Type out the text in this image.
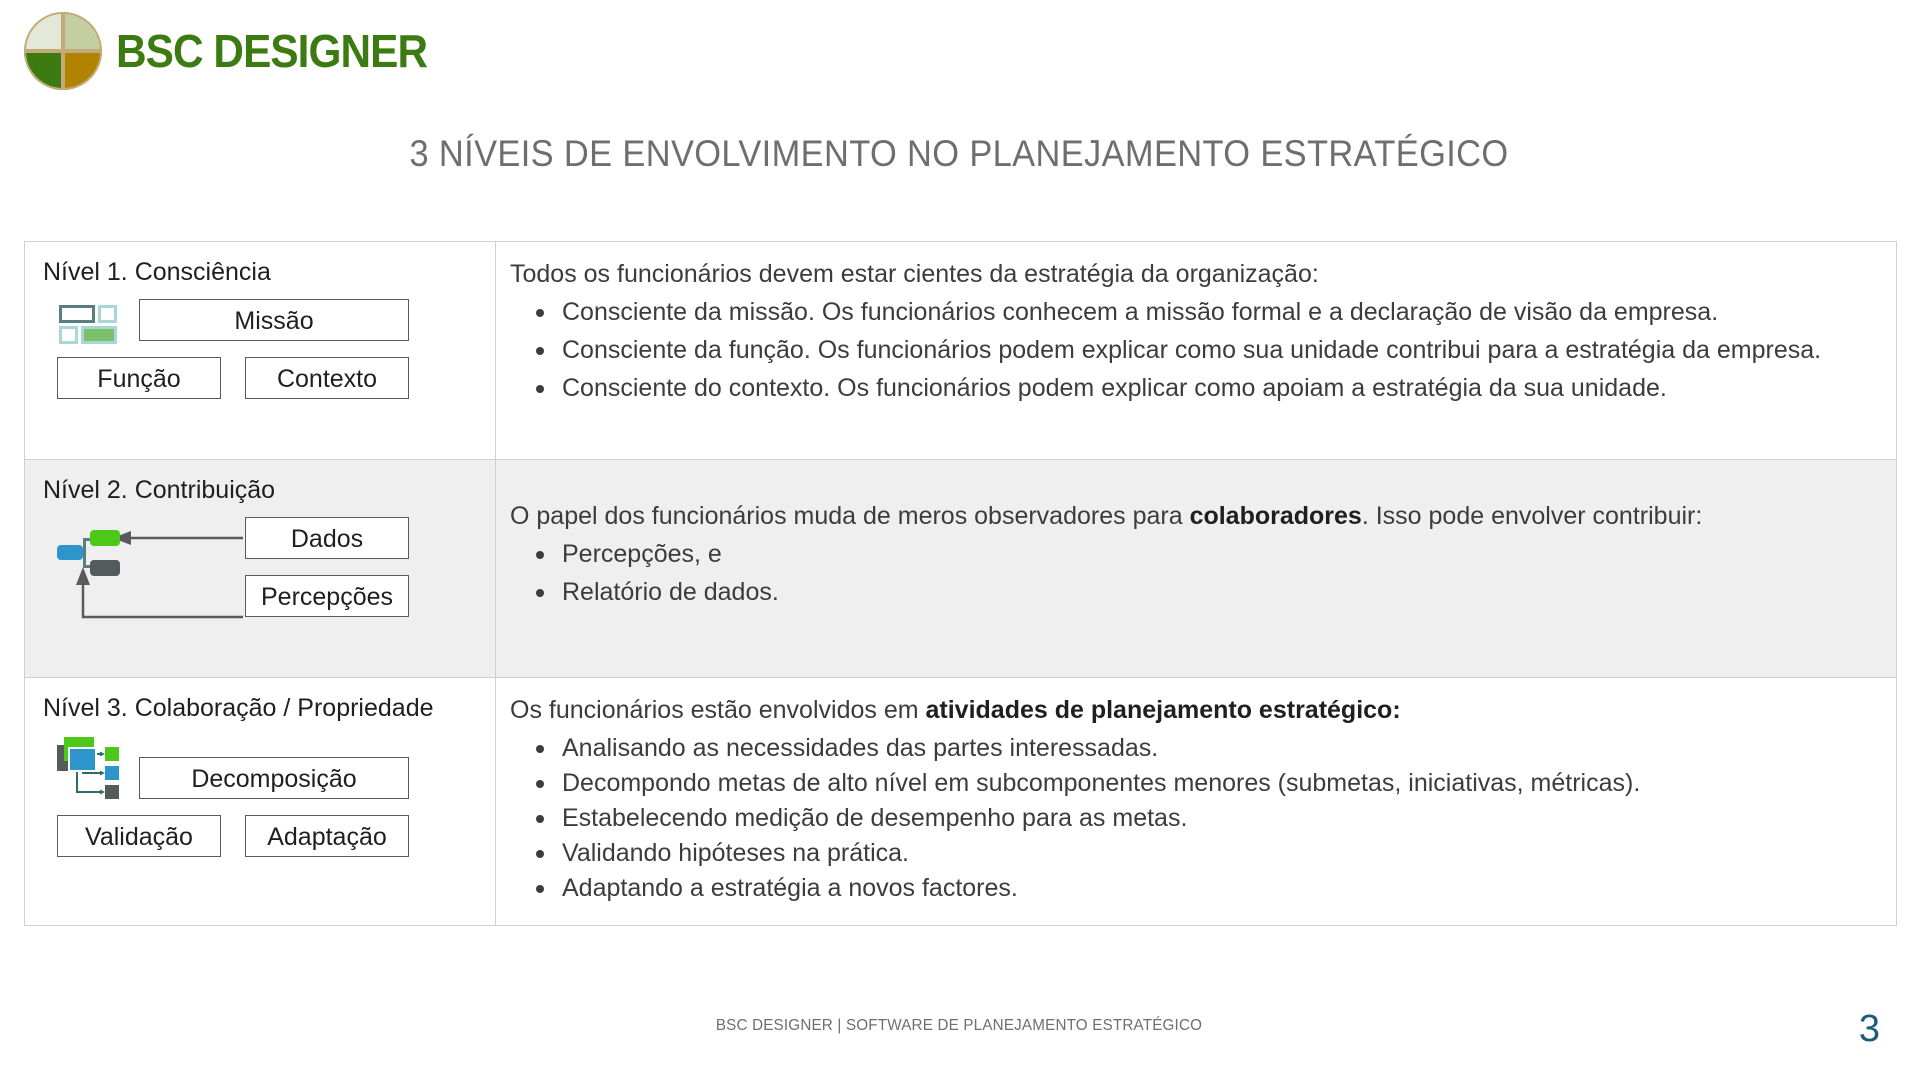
BSC DESIGNER
3 NÍVEIS DE ENVOLVIMENTO NO PLANEJAMENTO ESTRATÉGICO
Nível 1. Consciência
Missão
Função	Contexto

Todos os funcionários devem estar cientes da estratégia da organização:

Consciente da missão. Os funcionários conhecem a missão formal e a declaração de visão da empresa.
Consciente da função. Os funcionários podem explicar como sua unidade contribui para a estratégia da empresa.
Consciente do contexto. Os funcionários podem explicar como apoiam a estratégia da sua unidade.

Nível 2. Contribuição
Dados
Percepções

O papel dos funcionários muda de meros observadores para colaboradores. Isso pode envolver contribuir:

Percepções, e
Relatório de dados.

Nível 3. Colaboração / Propriedade
Decomposição
Validação	Adaptação

Os funcionários estão envolvidos em atividades de planejamento estratégico:

Analisando as necessidades das partes interessadas.
Decompondo metas de alto nível em subcomponentes menores (submetas, iniciativas, métricas).
Estabelecendo medição de desempenho para as metas.
Validando hipóteses na prática.
Adaptando a estratégia a novos factores.
BSC DESIGNER | SOFTWARE DE PLANEJAMENTO ESTRATÉGICO	3
